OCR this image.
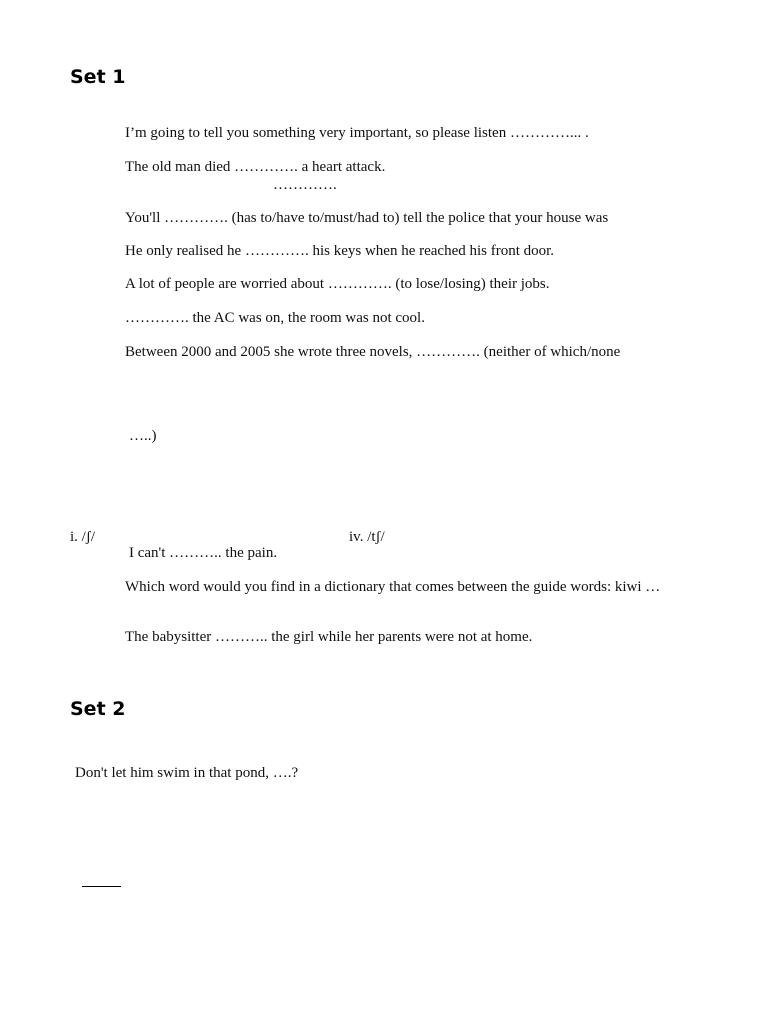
Set 1

I’m going to tell you something very important, so please listen …………... .

The old man died …………. a heart attack.

………….

You'll …………. (has to/have to/must/had to) tell the police that your house was

He only realised he …………. his keys when he reached his front door.

A lot of people are worried about …………. (to lose/losing) their jobs.

…………. the AC was on, the room was not cool.

Between 2000 and 2005 she wrote three novels, …………. (neither of which/none

…..)

i. /ʃ/	iv. /tʃ/

I can't ……….. the pain.

Which word would you find in a dictionary that comes between the guide words: kiwi …

The babysitter ……….. the girl while her parents were not at home.

Set 2

Don't let him swim in that pond, ….?
